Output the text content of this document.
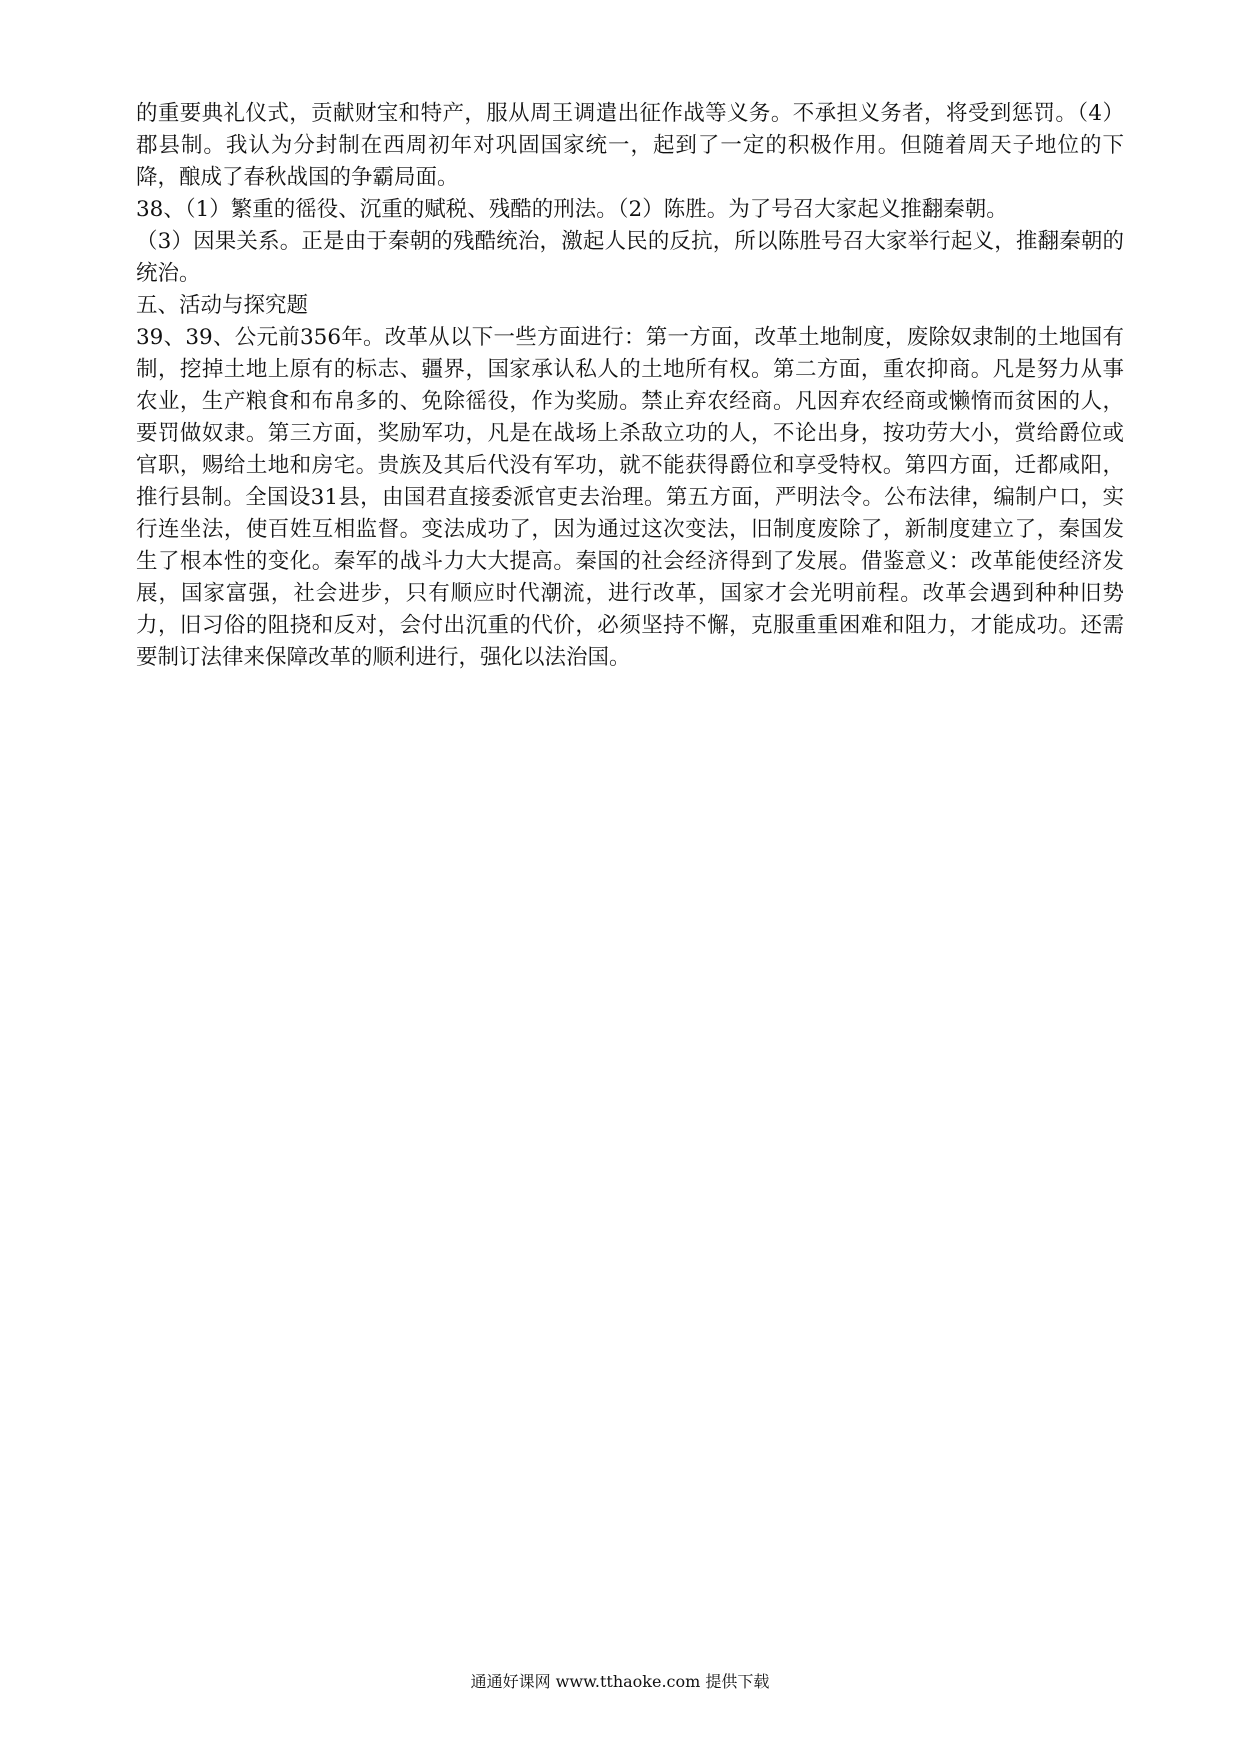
的重要典礼仪式，贡献财宝和特产，服从周王调遣出征作战等义务。不承担义务者，将受到惩罚。（4）郡县制。我认为分封制在西周初年对巩固国家统一，起到了一定的积极作用。但随着周天子地位的下降，酿成了春秋战国的争霸局面。

38、（1）繁重的徭役、沉重的赋税、残酷的刑法。（2）陈胜。为了号召大家起义推翻秦朝。

（3）因果关系。正是由于秦朝的残酷统治，激起人民的反抗，所以陈胜号召大家举行起义，推翻秦朝的统治。

五、活动与探究题

39、39、公元前356年。改革从以下一些方面进行：第一方面，改革土地制度，废除奴隶制的土地国有制，挖掉土地上原有的标志、疆界，国家承认私人的土地所有权。第二方面，重农抑商。凡是努力从事农业，生产粮食和布帛多的、免除徭役，作为奖励。禁止弃农经商。凡因弃农经商或懒惰而贫困的人，要罚做奴隶。第三方面，奖励军功，凡是在战场上杀敌立功的人，不论出身，按功劳大小，赏给爵位或官职，赐给土地和房宅。贵族及其后代没有军功，就不能获得爵位和享受特权。第四方面，迁都咸阳，推行县制。全国设31县，由国君直接委派官吏去治理。第五方面，严明法令。公布法律，编制户口，实行连坐法，使百姓互相监督。变法成功了，因为通过这次变法，旧制度废除了，新制度建立了，秦国发生了根本性的变化。秦军的战斗力大大提高。秦国的社会经济得到了发展。借鉴意义：改革能使经济发展，国家富强，社会进步，只有顺应时代潮流，进行改革，国家才会光明前程。改革会遇到种种旧势力，旧习俗的阻挠和反对，会付出沉重的代价，必须坚持不懈，克服重重困难和阻力，才能成功。还需要制订法律来保障改革的顺利进行，强化以法治国。

通通好课网 www.tthaoke.com 提供下载
